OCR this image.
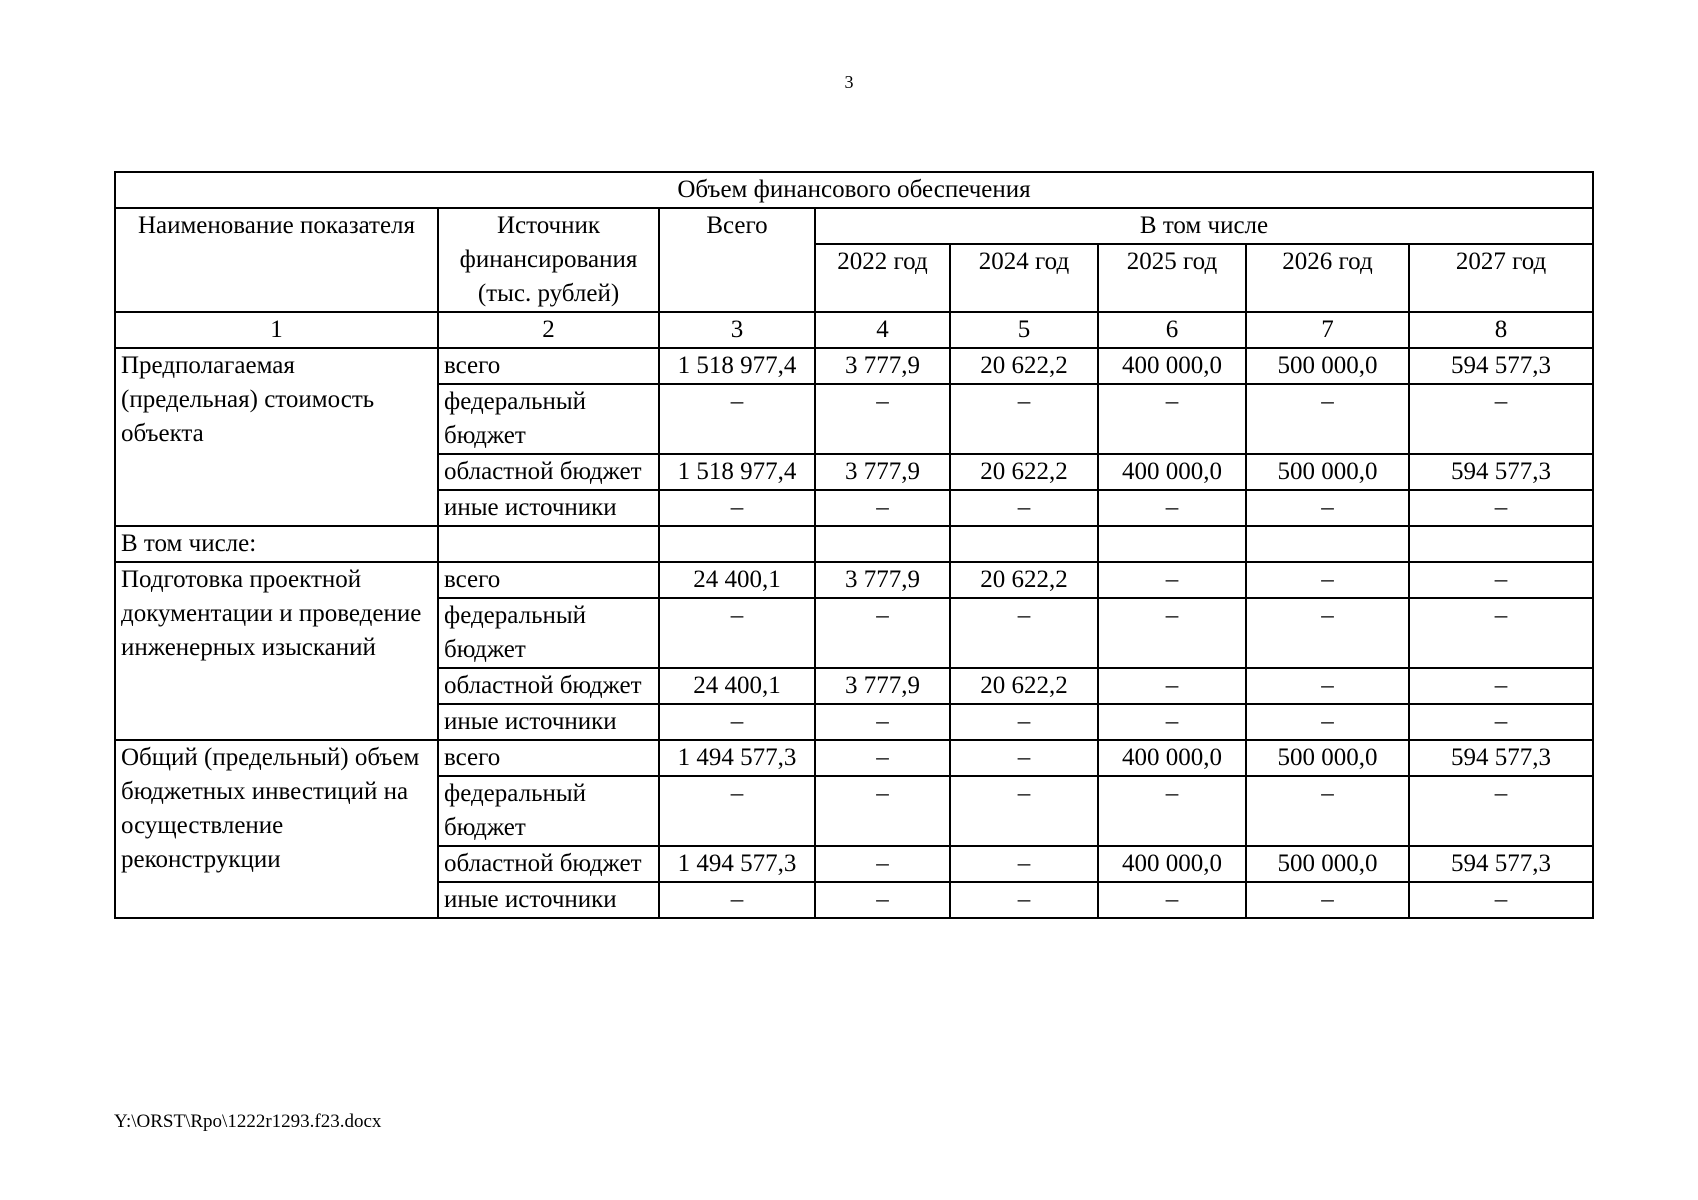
3
Объем финансового обеспечения							
Наименование показателя	Источник финансирования (тыс. рублей)	Всего	В том числе				
			2022 год	2024 год	2025 год	2026 год	2027 год
1	2	3	4	5	6	7	8
Предполагаемая (предельная) стоимость объекта	всего	1 518 977,4	3 777,9	20 622,2	400 000,0	500 000,0	594 577,3
	федеральный бюджет	–	–	–	–	–	–
	областной бюджет	1 518 977,4	3 777,9	20 622,2	400 000,0	500 000,0	594 577,3
	иные источники	–	–	–	–	–	–
В том числе:							
Подготовка проектной документации и проведение инженерных изысканий	всего	24 400,1	3 777,9	20 622,2	–	–	–
	федеральный бюджет	–	–	–	–	–	–
	областной бюджет	24 400,1	3 777,9	20 622,2	–	–	–
	иные источники	–	–	–	–	–	–
Общий (предельный) объем бюджетных инвестиций на осуществление реконструкции	всего	1 494 577,3	–	–	400 000,0	500 000,0	594 577,3
	федеральный бюджет	–	–	–	–	–	–
	областной бюджет	1 494 577,3	–	–	400 000,0	500 000,0	594 577,3
	иные источники	–	–	–	–	–	–
Y:\ORST\Rpo\1222r1293.f23.docx
